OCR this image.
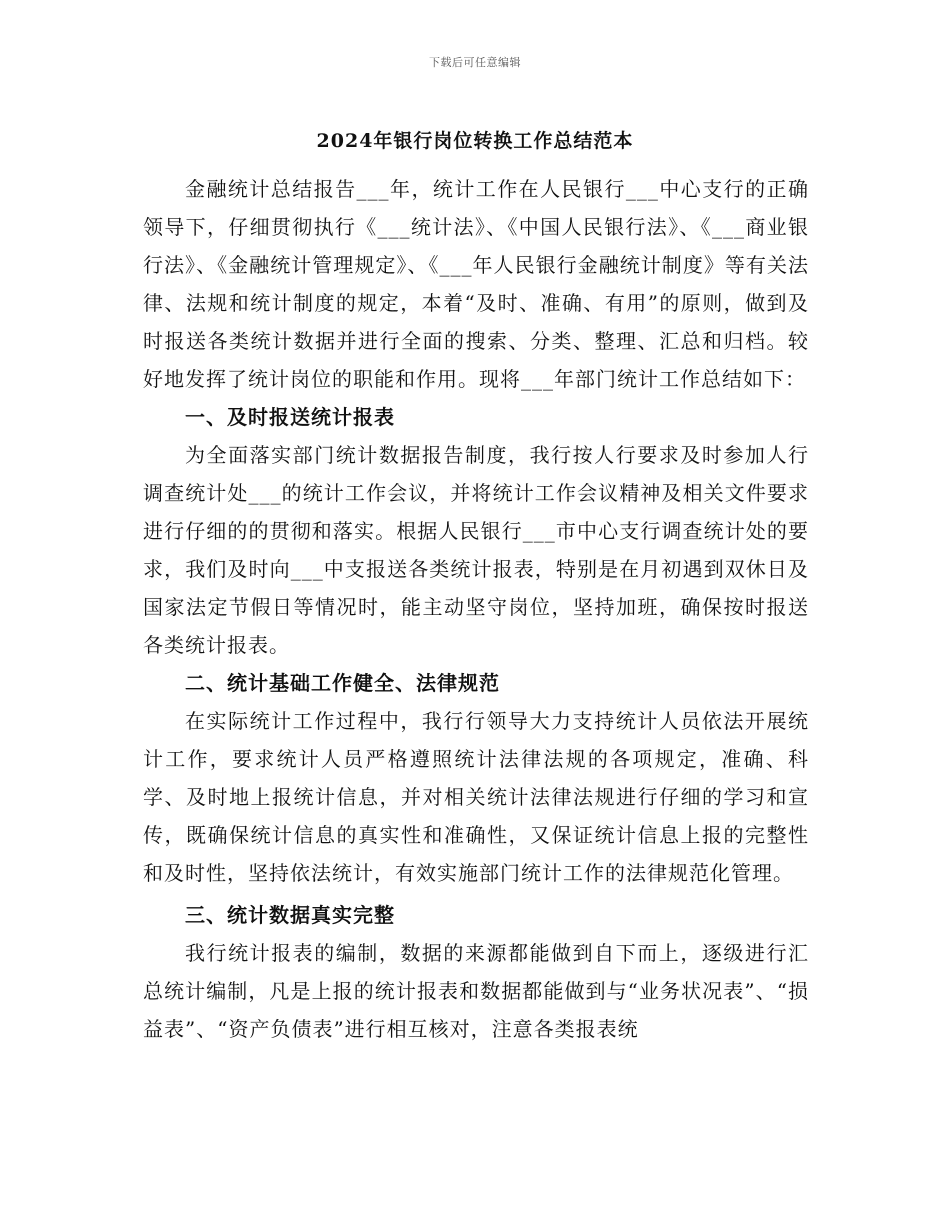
下载后可任意编辑
2024年银行岗位转换工作总结范本

金融统计总结报告___年，统计工作在人民银行___中心支行的正确领导下，仔细贯彻执行《___统计法》、《中国人民银行法》、《___商业银行法》、《金融统计管理规定》、《___年人民银行金融统计制度》等有关法律、法规和统计制度的规定，本着“及时、准确、有用”的原则，做到及时报送各类统计数据并进行全面的搜索、分类、整理、汇总和归档。较好地发挥了统计岗位的职能和作用。现将___年部门统计工作总结如下：

一、及时报送统计报表

为全面落实部门统计数据报告制度，我行按人行要求及时参加人行调查统计处___的统计工作会议，并将统计工作会议精神及相关文件要求进行仔细的的贯彻和落实。根据人民银行___市中心支行调查统计处的要求，我们及时向___中支报送各类统计报表，特别是在月初遇到双休日及国家法定节假日等情况时，能主动坚守岗位，坚持加班，确保按时报送各类统计报表。

二、统计基础工作健全、法律规范

在实际统计工作过程中，我行行领导大力支持统计人员依法开展统计工作，要求统计人员严格遵照统计法律法规的各项规定，准确、科学、及时地上报统计信息，并对相关统计法律法规进行仔细的学习和宣传，既确保统计信息的真实性和准确性，又保证统计信息上报的完整性和及时性，坚持依法统计，有效实施部门统计工作的法律规范化管理。

三、统计数据真实完整

我行统计报表的编制，数据的来源都能做到自下而上，逐级进行汇总统计编制，凡是上报的统计报表和数据都能做到与“业务状况表”、“损益表”、“资产负债表”进行相互核对，注意各类报表统
